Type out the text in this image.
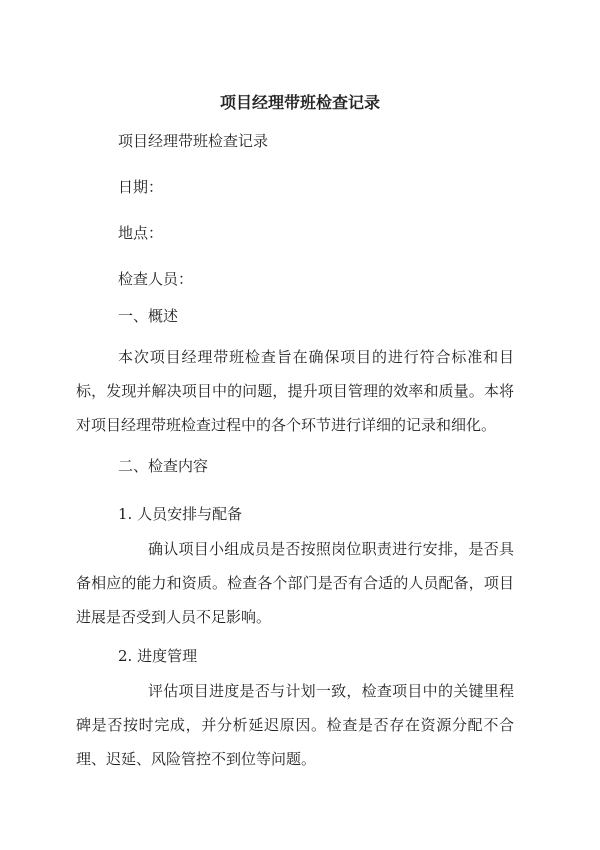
项目经理带班检查记录
项目经理带班检查记录
日期：
地点：
检查人员：
一、概述
本次项目经理带班检查旨在确保项目的进行符合标准和目标，发现并解决项目中的问题，提升项目管理的效率和质量。本将对项目经理带班检查过程中的各个环节进行详细的记录和细化。
二、检查内容
1. 人员安排与配备
确认项目小组成员是否按照岗位职责进行安排，是否具备相应的能力和资质。检查各个部门是否有合适的人员配备，项目进展是否受到人员不足影响。
2. 进度管理
评估项目进度是否与计划一致，检查项目中的关键里程碑是否按时完成，并分析延迟原因。检查是否存在资源分配不合理、迟延、风险管控不到位等问题。
